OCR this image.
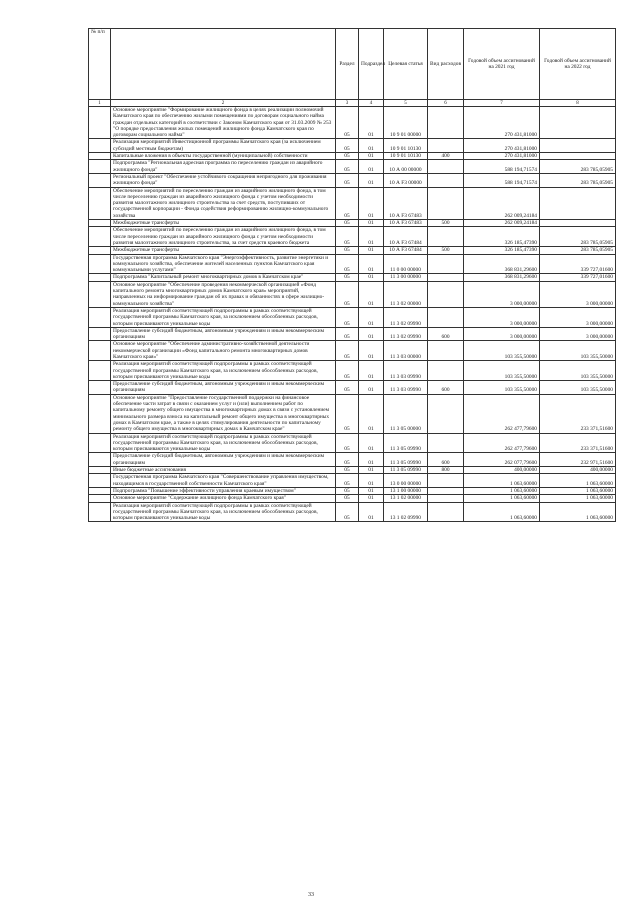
№ п/п		Раздел	Подраздел	Целевая статья	Вид расходов	Годовой объем ассигнований на 2021 год	Годовой объем ассигнований на 2022 год
1	2	3	4	5	6	7	8
	Основное мероприятие "Формирование жилищного фонда в целях реализации полномочий Камчатского края по обеспечению жилыми помещениями по договорам социального найма граждан отдельных категорий в соответствии с Законом Камчатского края от 31.03.2009 № 253 "О порядке предоставления жилых помещений жилищного фонда Камчатского края по договорам социального найма"	05	01	10 9 01 00000		270 431,81000	
	Реализация мероприятий Инвестиционной программы Камчатского края (за исключением субсидий местным бюджетам)	05	01	10 9 01 10130		270 431,81000	
	Капитальные вложения в объекты государственной (муниципальной) собственности	05	01	10 9 01 10130	400	270 431,81000	
	Подпрограмма "Региональная адресная программа по переселению граждан из аварийного жилищного фонда"	05	01	10 А 00 00000		588 194,71574	283 785,05905
	Региональный проект "Обеспечение устойчивого сокращения непригодного для проживания жилищного фонда"	05	01	10 А F3 00000		588 194,71574	283 785,05905
	Обеспечение мероприятий по переселению граждан из аварийного жилищного фонда, в том числе переселению граждан из аварийного жилищного фонда с учетом необходимости развития малоэтажного жилищного строительства за счет средств, поступивших от государственной корпорации - Фонда содействия реформированию жилищно-коммунального хозяйства	05	01	10 А F3 67483		262 009,24184	
	Межбюджетные трансферты	05	01	10 А F3 67483	500	262 009,24184	
	Обеспечение мероприятий по переселению граждан из аварийного жилищного фонда, в том числе переселению граждан из аварийного жилищного фонда с учетом необходимости развития малоэтажного жилищного строительства, за счет средств краевого бюджета	05	01	10 А F3 67484		326 185,47390	283 785,05905
	Межбюджетные трансферты	05	01	10 А F3 67484	500	326 185,47390	283 785,05905
	Государственная программа Камчатского края "Энергоэффективность, развитие энергетики и коммунального хозяйства, обеспечение жителей населенных пунктов Камчатского края коммунальными услугами"	05	01	11 0 00 00000		368 831,29600	339 727,01600
	Подпрограмма "Капитальный ремонт многоквартирных домов в Камчатском крае"	05	01	11 3 00 00000		368 831,29600	339 727,01600
	Основное мероприятие "Обеспечение проведения некоммерческой организацией «Фонд капитального ремонта многоквартирных домов Камчатского края» мероприятий, направленных на информирование граждан об их правах и обязанностях в сфере жилищно-коммунального хозяйства"	05	01	11 3 02 00000		3 000,00000	3 000,00000
	Реализация мероприятий соответствующей подпрограммы в рамках соответствующей государственной программы Камчатского края, за исключением обособленных расходов, которым присваиваются уникальные коды	05	01	11 3 02 09990		3 000,00000	3 000,00000
	Предоставление субсидий бюджетным, автономным учреждениям и иным некоммерческим организациям	05	01	11 3 02 09990	600	3 000,00000	3 000,00000
	Основное мероприятие "Обеспечение административно-хозяйственной деятельности некоммерческой организации «Фонд капитального ремонта многоквартирных домов Камчатского края»"	05	01	11 3 03 00000		103 355,50000	103 355,50000
	Реализация мероприятий соответствующей подпрограммы в рамках соответствующей государственной программы Камчатского края, за исключением обособленных расходов, которым присваиваются уникальные коды	05	01	11 3 03 09990		103 355,50000	103 355,50000
	Предоставление субсидий бюджетным, автономным учреждениям и иным некоммерческим организациям	05	01	11 3 03 09990	600	103 355,50000	103 355,50000
	Основное мероприятие "Предоставление государственной поддержки на финансовое обеспечение части затрат в связи с оказанием услуг и (или) выполнением работ по капитальному ремонту общего имущества в многоквартирных домах в связи с установлением минимального размера взноса на капитальный ремонт общего имущества в многоквартирных домах в Камчатском крае, а также в целях стимулирования деятельности по капитальному ремонту общего имущества в многоквартирных домах в Камчатском крае"	05	01	11 3 05 00000		262 477,79600	233 371,51600
	Реализация мероприятий соответствующей подпрограммы в рамках соответствующей государственной программы Камчатского края, за исключением обособленных расходов, которым присваиваются уникальные коды	05	01	11 3 05 09990		262 477,79600	233 371,51600
	Предоставление субсидий бюджетным, автономным учреждениям и иным некоммерческим организациям	05	01	11 3 05 09990	600	262 077,79600	232 971,51600
	Иные бюджетные ассигнования	05	01	11 3 05 09990	800	400,00000	400,00000
	Государственная программа Камчатского края "Совершенствование управления имуществом, находящимся в государственной собственности Камчатского края"	05	01	13 0 00 00000		1 063,60000	1 063,60000
	Подпрограмма "Повышение эффективности управления краевым имуществом"	05	01	13 1 00 00000		1 063,60000	1 063,60000
	Основное мероприятие "Содержание жилищного фонда Камчатского края"	05	01	13 1 02 00000		1 063,60000	1 063,60000
	Реализация мероприятий соответствующей подпрограммы в рамках соответствующей государственной программы Камчатского края, за исключением обособленных расходов, которым присваиваются уникальные коды	05	01	13 1 02 09990		1 063,60000	1 063,60000
33
